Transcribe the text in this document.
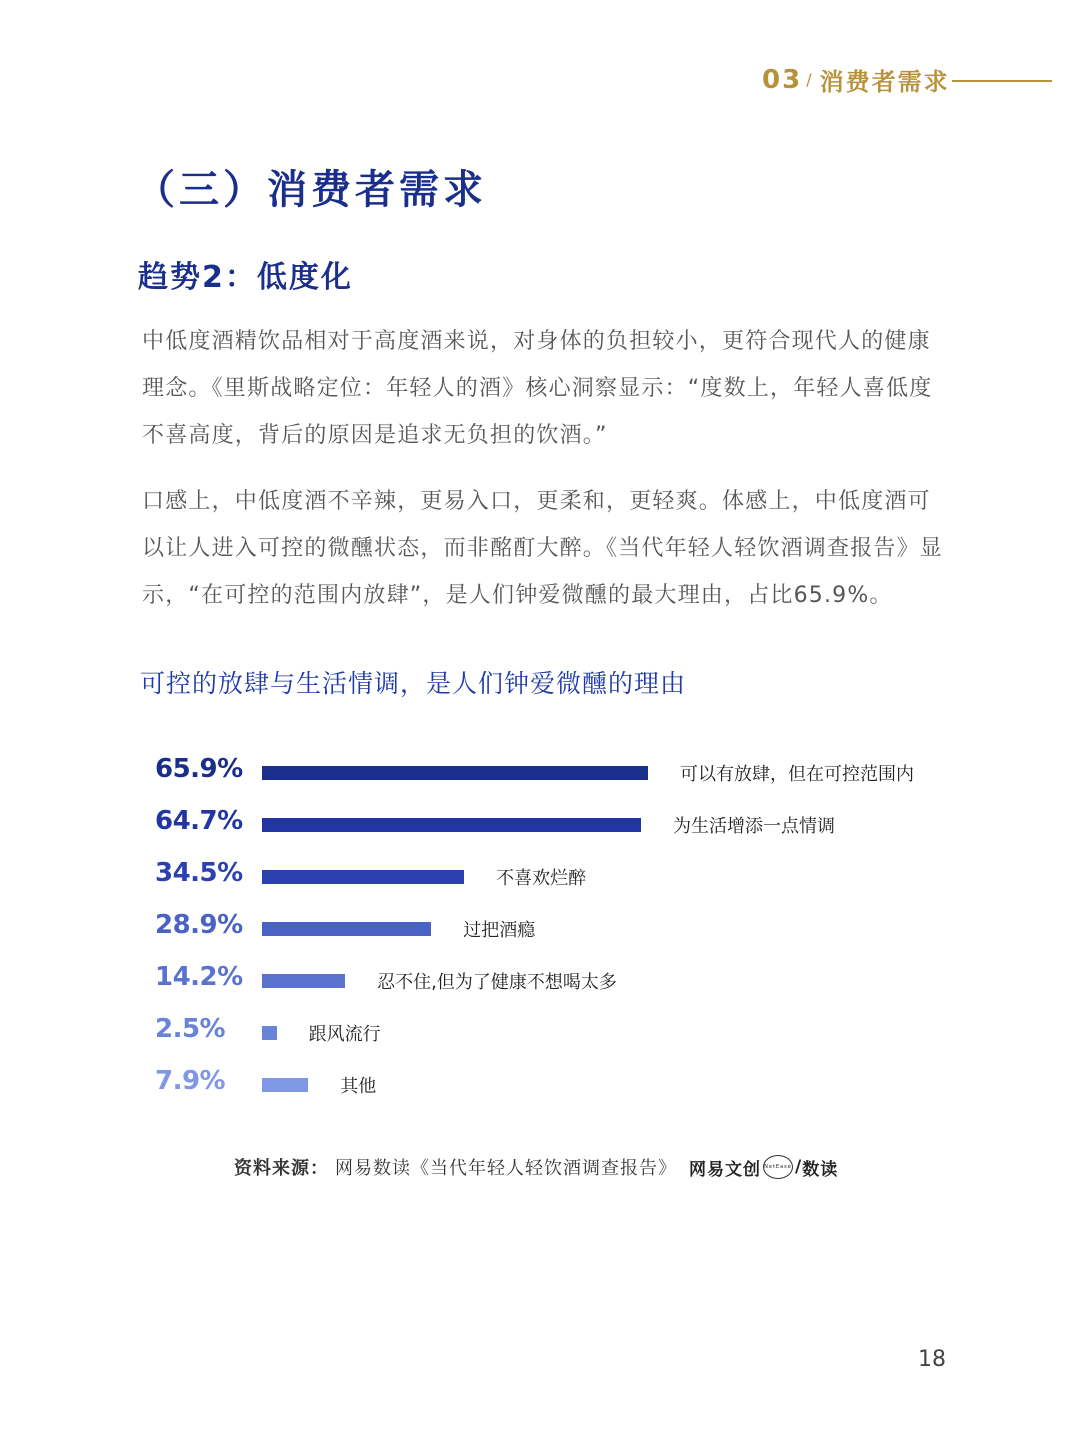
03 / 消费者需求
（三）消费者需求
趋势2：低度化

中低度酒精饮品相对于高度酒来说，对身体的负担较小，更符合现代人的健康理念。《里斯战略定位：年轻人的酒》核心洞察显示：“度数上，年轻人喜低度不喜高度，背后的原因是追求无负担的饮酒。”

口感上，中低度酒不辛辣，更易入口，更柔和，更轻爽。体感上，中低度酒可以让人进入可控的微醺状态，而非酩酊大醉。《当代年轻人轻饮酒调查报告》显示，“在可控的范围内放肆”，是人们钟爱微醺的最大理由，占比65.9%。

可控的放肆与生活情调，是人们钟爱微醺的理由
65.9%	可以有放肆，但在可控范围内
64.7%	为生活增添一点情调
34.5%	不喜欢烂醉
28.9%	过把酒瘾
14.2%	忍不住,但为了健康不想喝太多
2.5%	跟风流行
7.9%	其他
资料来源： 网易数读《当代年轻人轻饮酒调查报告》 网易文创 NetEase / 数读
18
